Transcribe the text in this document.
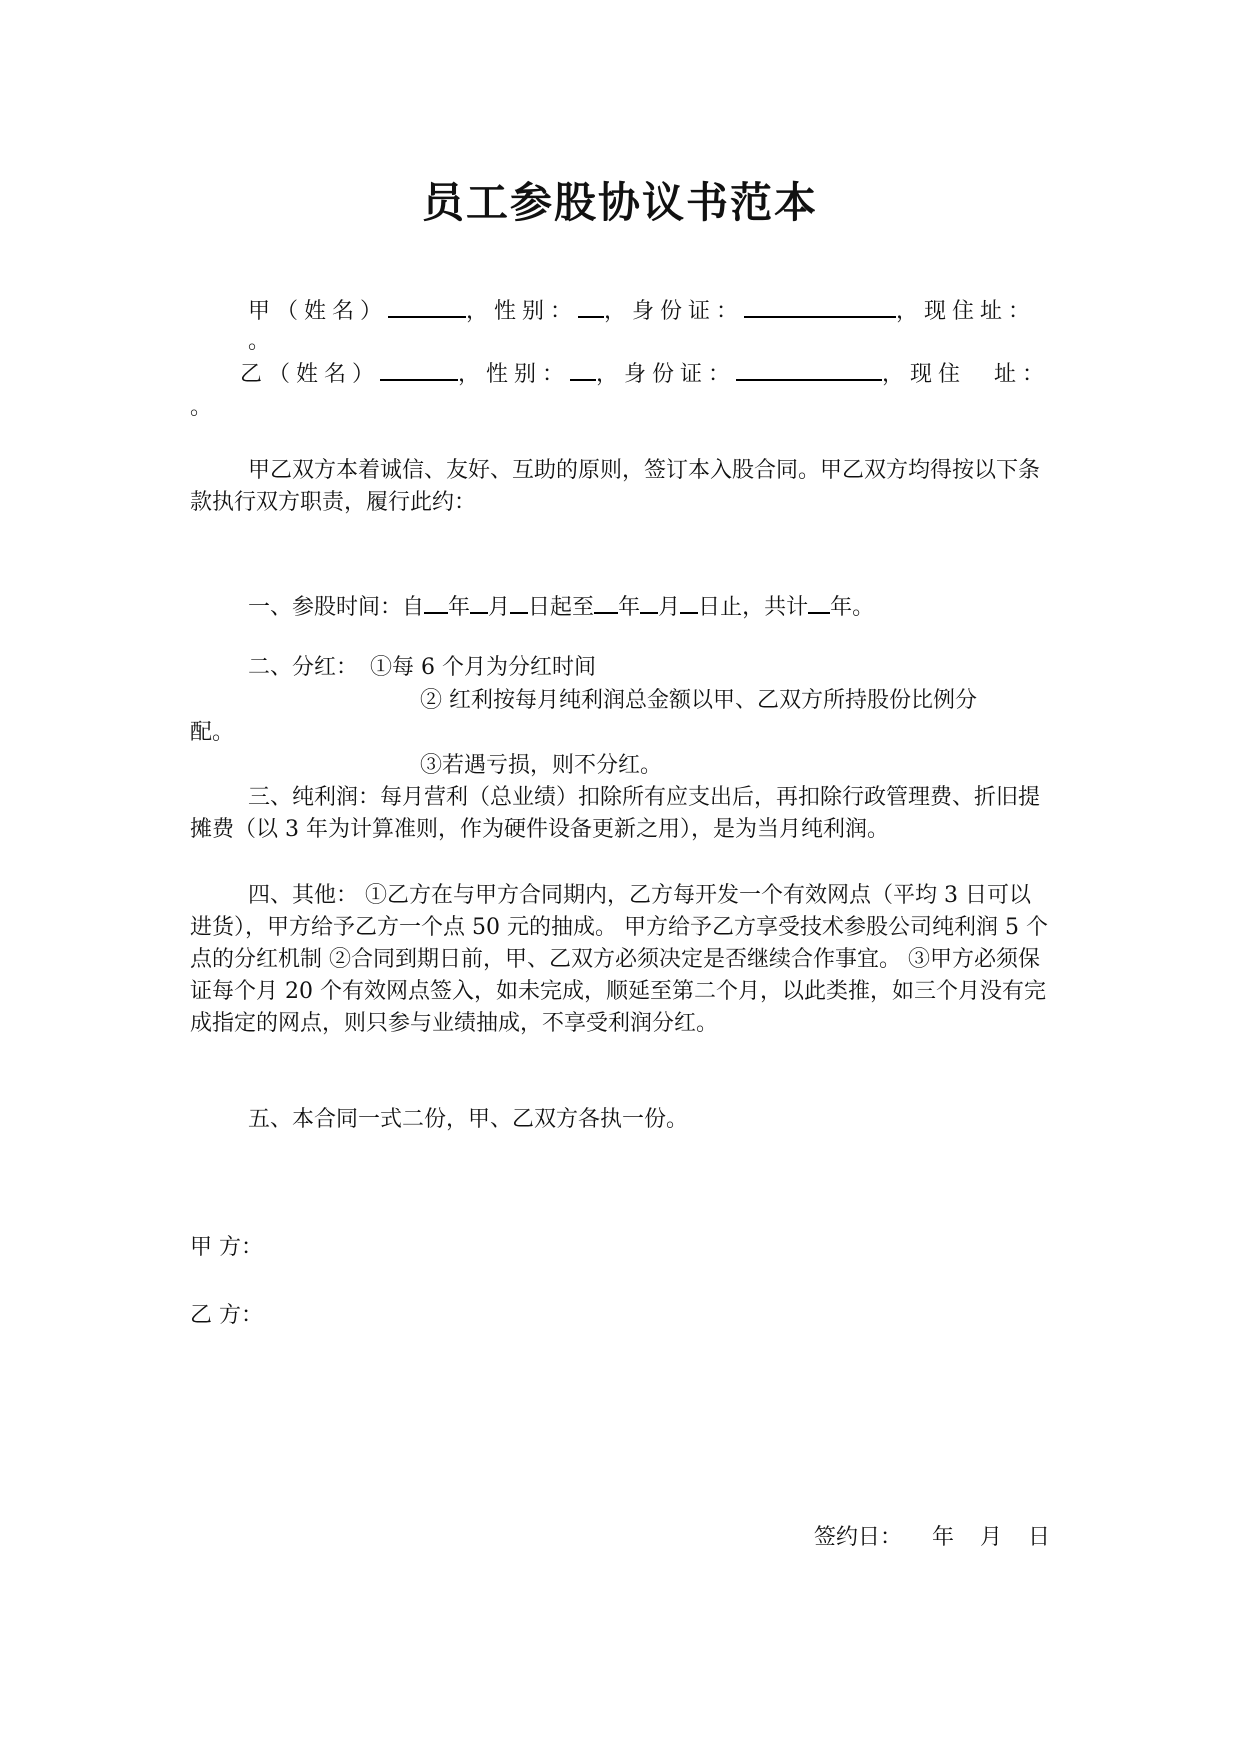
员工参股协议书范本
甲（姓名）	，性别： ，身份证：	，现住址：
。
乙（姓名）	，性别： ，身份证：	，现住　址：
。
甲乙双方本着诚信、友好、互助的原则，签订本入股合同。甲乙双方均得按以下条款执行双方职责，履行此约：
一、参股时间：自 年 月 日起至 年 月 日止，共计 年。
二、分红： ①每 6 个月为分红时间
② 红利按每月纯利润总金额以甲、乙双方所持股份比例分
配。
③若遇亏损，则不分红。
三、纯利润：每月营利（总业绩）扣除所有应支出后，再扣除行政管理费、折旧提摊费（以 3 年为计算准则，作为硬件设备更新之用），是为当月纯利润。
四、其他： ①乙方在与甲方合同期内，乙方每开发一个有效网点（平均 3 日可以进货），甲方给予乙方一个点 50 元的抽成。 甲方给予乙方享受技术参股公司纯利润 5 个点的分红机制 ②合同到期日前，甲、乙双方必须决定是否继续合作事宜。 ③甲方必须保证每个月 20 个有效网点签入，如未完成，顺延至第二个月，以此类推，如三个月没有完成指定的网点，则只参与业绩抽成，不享受利润分红。
五、本合同一式二份，甲、乙双方各执一份。
甲 方：
乙 方：
签约日： 年 月 日
